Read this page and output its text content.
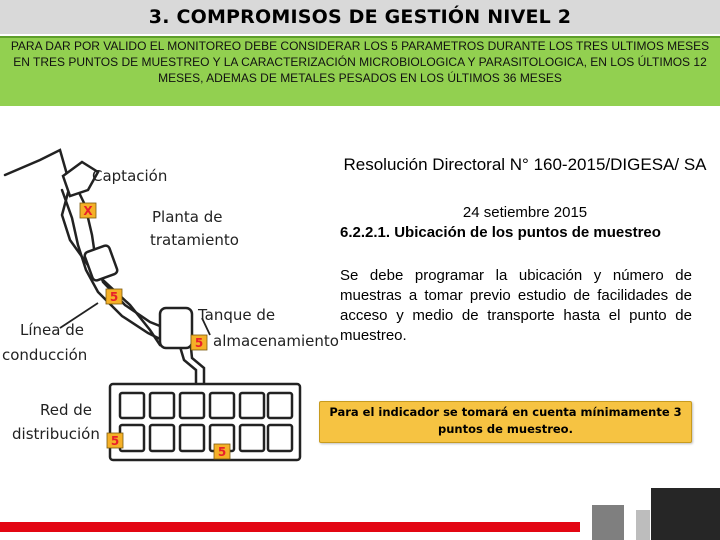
3. COMPROMISOS DE GESTIÓN NIVEL 2
PARA DAR POR VALIDO EL MONITOREO DEBE CONSIDERAR LOS 5 PARAMETROS DURANTE LOS TRES ULTIMOS MESES EN TRES PUNTOS DE MUESTREO Y LA CARACTERIZACIÓN MICROBIOLOGICA Y PARASITOLOGICA, EN LOS ÚLTIMOS 12 MESES, ADEMAS DE METALES PESADOS EN LOS ÚLTIMOS 36 MESES
Captación
Planta de
tratamiento
Tanque de
almacenamiento
Línea de
conducción
Red de
distribución
X
5
5
5
5
Resolución Directoral N° 160-2015/DIGESA/ SA
24 setiembre 2015
6.2.2.1. Ubicación de los puntos de muestreo
Se debe programar la ubicación y número de muestras a tomar previo estudio de facilidades de acceso y medio de transporte hasta el punto de muestreo.
Para el indicador se tomará en cuenta mínimamente 3 puntos de muestreo.
